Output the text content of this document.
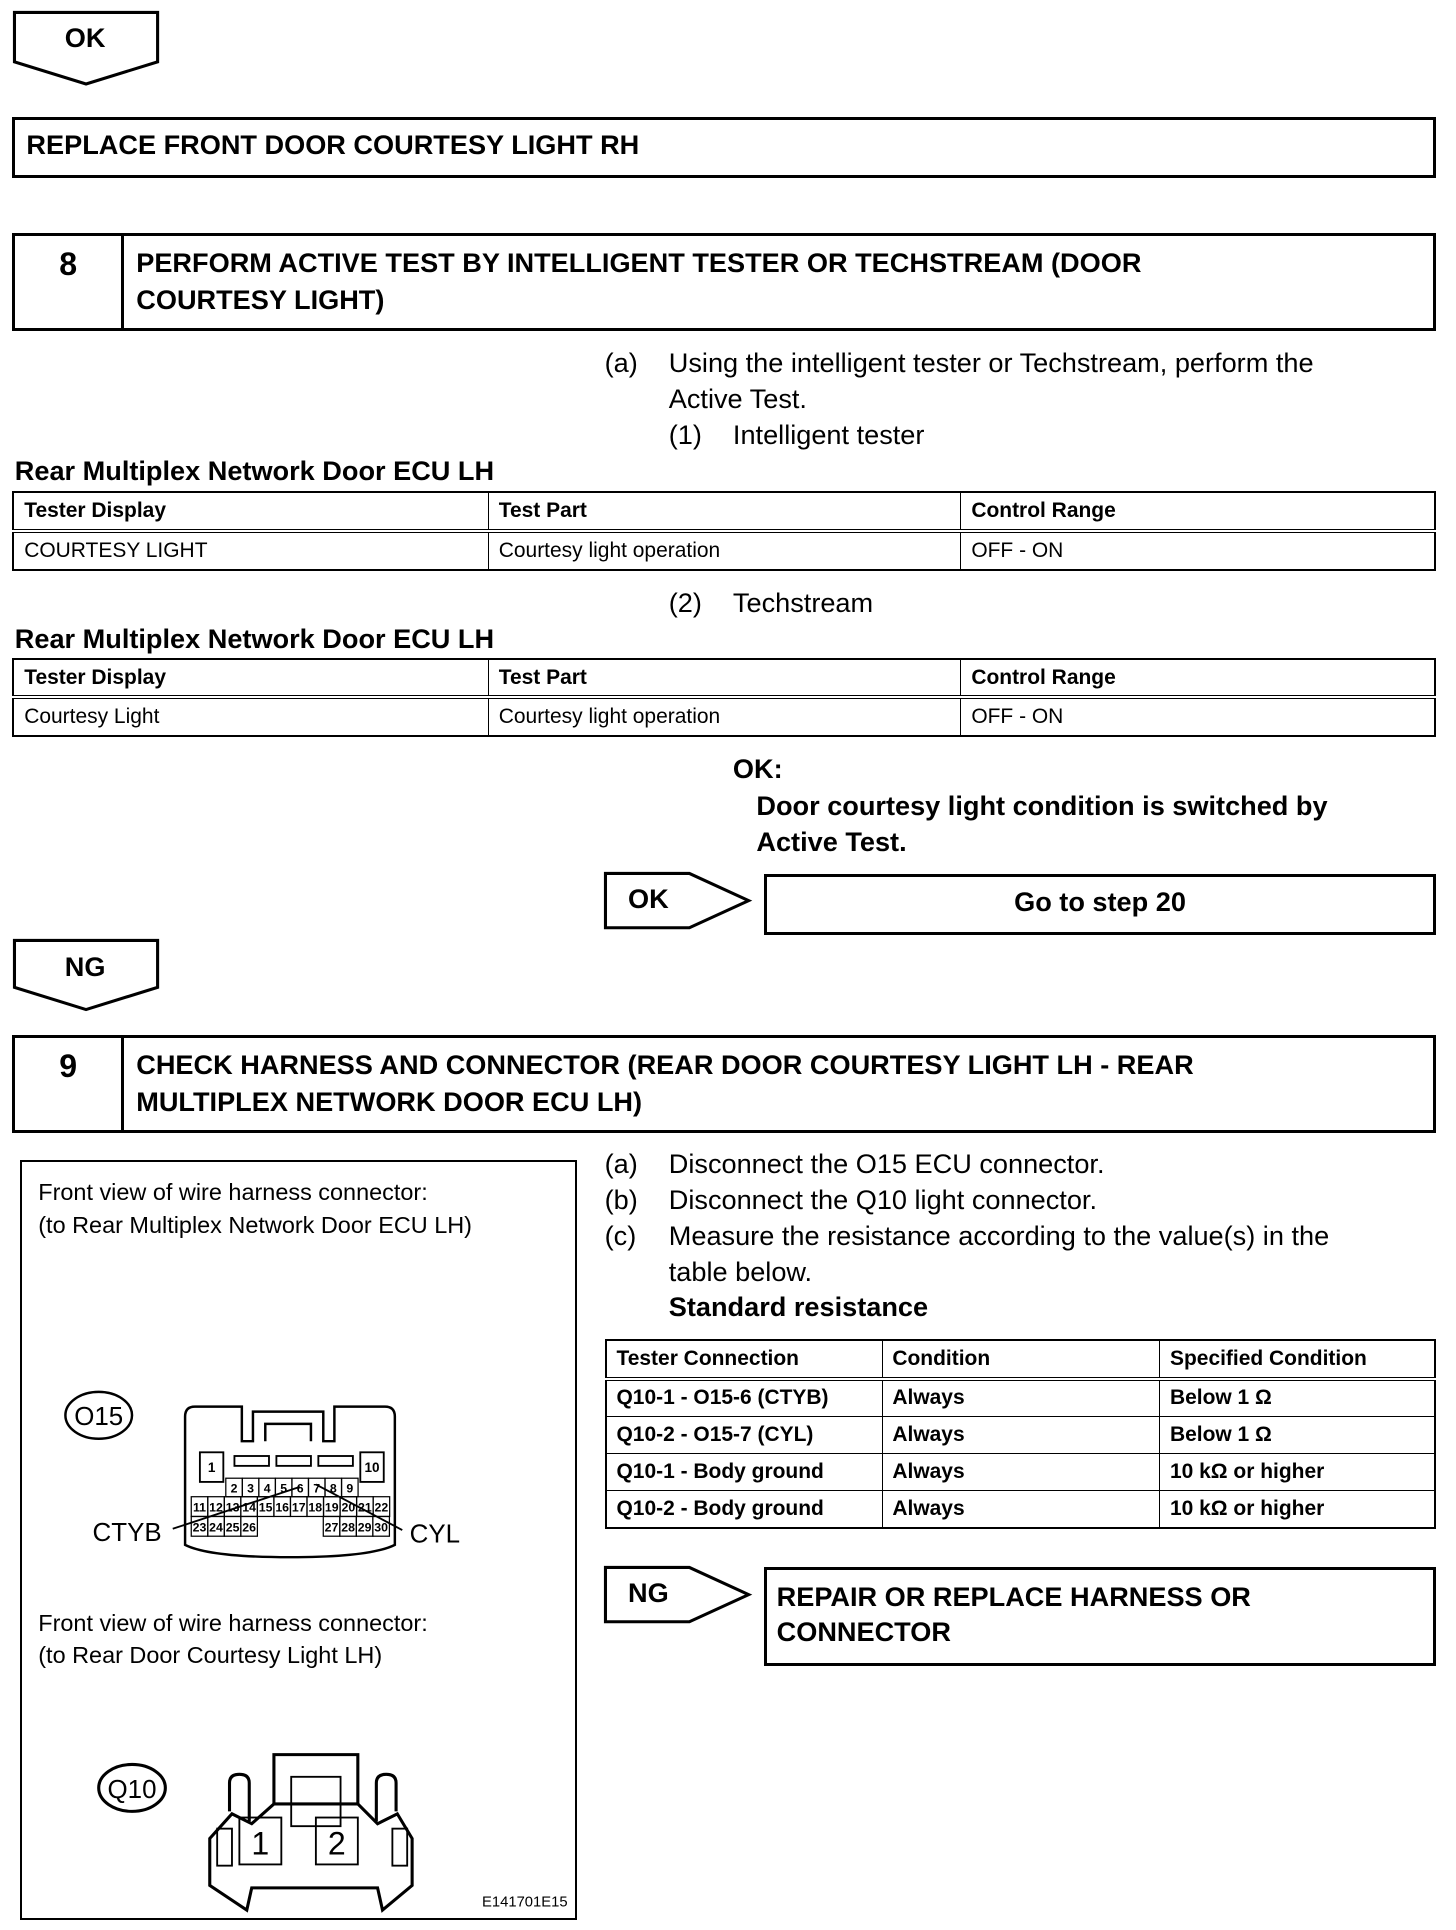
OK
REPLACE FRONT DOOR COURTESY LIGHT RH
8	PERFORM ACTIVE TEST BY INTELLIGENT TESTER OR TECHSTREAM (DOOR COURTESY LIGHT)
(a) Using the intelligent tester or Techstream, perform the
Active Test.
(1) Intelligent tester
Rear Multiplex Network Door ECU LH
Tester Display	Test Part	Control Range
COURTESY LIGHT	Courtesy light operation	OFF - ON
(2) Techstream
Rear Multiplex Network Door ECU LH
Tester Display	Test Part	Control Range
Courtesy Light	Courtesy light operation	OFF - ON
OK:
Door courtesy light condition is switched by
Active Test.
OK	Go to step 20
NG
9	CHECK HARNESS AND CONNECTOR (REAR DOOR COURTESY LIGHT LH - REAR MULTIPLEX NETWORK DOOR ECU LH)
(a) Disconnect the O15 ECU connector.
(b) Disconnect the Q10 light connector.
(c) Measure the resistance according to the value(s) in the
table below.
Standard resistance
Tester Connection	Condition	Specified Condition
Q10-1 - O15-6 (CTYB)	Always	Below 1 Ω
Q10-2 - O15-7 (CYL)	Always	Below 1 Ω
Q10-1 - Body ground	Always	10 kΩ or higher
Q10-2 - Body ground	Always	10 kΩ or higher
NG	REPAIR OR REPLACE HARNESS OR
CONNECTOR
Front view of wire harness connector:
(to Rear Multiplex Network Door ECU LH)
Front view of wire harness connector:
(to Rear Door Courtesy Light LH)
1	10
2 3 4 5 6 7 8 9
11 12 13 14 15 16 17 18 19 20 21 22
23 24 25 26	27 28 29 30
O15
CTYB	CYL
Q10
1 2
E141701E15
